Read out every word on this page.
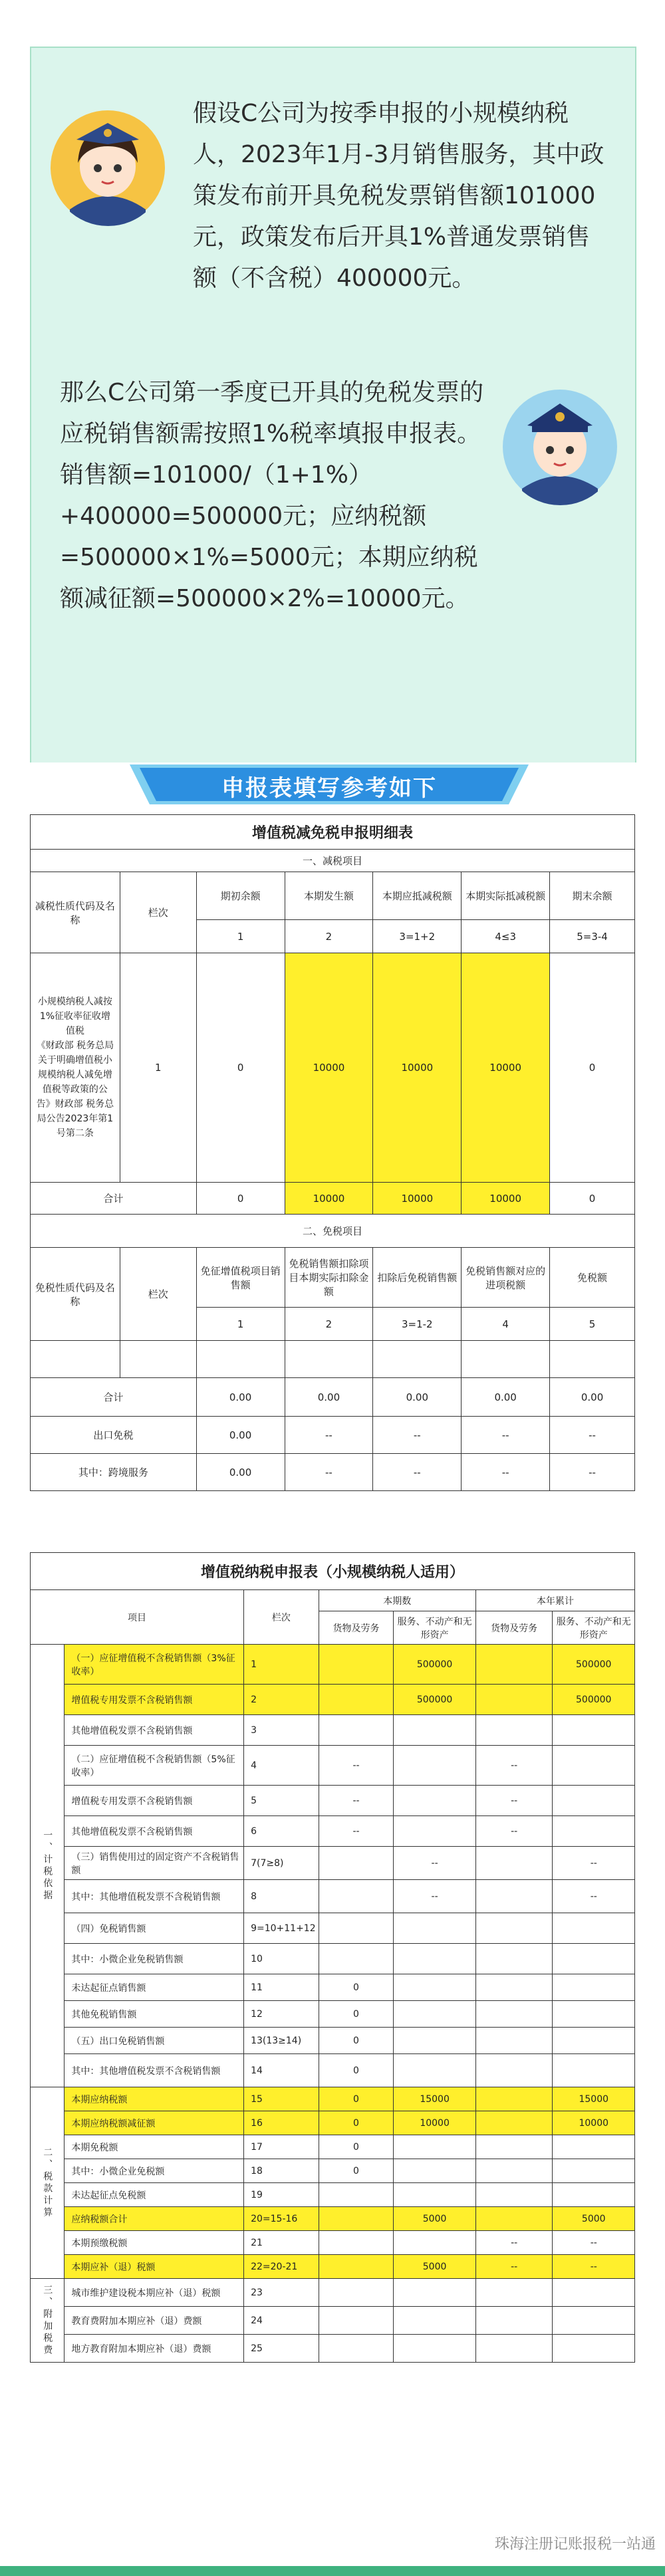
假设C公司为按季申报的小规模纳税人，2023年1月-3月销售服务，其中政策发布前开具免税发票销售额101000元，政策发布后开具1%普通发票销售额（不含税）400000元。
那么C公司第一季度已开具的免税发票的应税销售额需按照1%税率填报申报表。销售额=101000/（1+1%）+400000=500000元；应纳税额=500000×1%=5000元；本期应纳税额减征额=500000×2%=10000元。
申报表填写参考如下
增值税减免税申报明细表						
一、减税项目						
减税性质代码及名称	栏次	期初余额	本期发生额	本期应抵减税额	本期实际抵减税额	期末余额
		1	2	3=1+2	4≤3	5=3-4
小规模纳税人减按1%征收率征收增值税
《财政部 税务总局关于明确增值税小规模纳税人减免增值税等政策的公告》财政部 税务总局公告2023年第1号第二条	1	0	10000	10000	10000	0
合计		0	10000	10000	10000	0
二、免税项目						
免税性质代码及名称	栏次	免征增值税项目销售额	免税销售额扣除项目本期实际扣除金额	扣除后免税销售额	免税销售额对应的进项税额	免税额
		1	2	3=1-2	4	5

合计		0.00	0.00	0.00	0.00	0.00
出口免税		0.00	--	--	--	--
其中：跨境服务		0.00	--	--	--	--
增值税纳税申报表（小规模纳税人适用）						
项目		栏次	本期数		本年累计	
			货物及劳务	服务、不动产和无形资产	货物及劳务	服务、不动产和无形资产
一、计税依据	（一）应征增值税不含税销售额（3%征收率）	1		500000		500000
	增值税专用发票不含税销售额	2		500000		500000
	其他增值税发票不含税销售额	3				
	（二）应征增值税不含税销售额（5%征收率）	4	--		--	
	增值税专用发票不含税销售额	5	--		--	
	其他增值税发票不含税销售额	6	--		--	
	（三）销售使用过的固定资产不含税销售额	7(7≥8)		--		--
	其中：其他增值税发票不含税销售额	8		--		--
	（四）免税销售额	9=10+11+12				
	其中：小微企业免税销售额	10				
	未达起征点销售额	11	0			
	其他免税销售额	12	0			
	（五）出口免税销售额	13(13≥14)	0			
	其中：其他增值税发票不含税销售额	14	0			
二、税款计算	本期应纳税额	15	0	15000		15000
	本期应纳税额减征额	16	0	10000		10000
	本期免税额	17	0			
	其中：小微企业免税额	18	0			
	未达起征点免税额	19				
	应纳税额合计	20=15-16		5000		5000
	本期预缴税额	21			--	--
	本期应补（退）税额	22=20-21		5000	--	--
三、附加税费	城市维护建设税本期应补（退）税额	23				
	教育费附加本期应补（退）费额	24				
	地方教育附加本期应补（退）费额	25				
珠海注册记账报税一站通
